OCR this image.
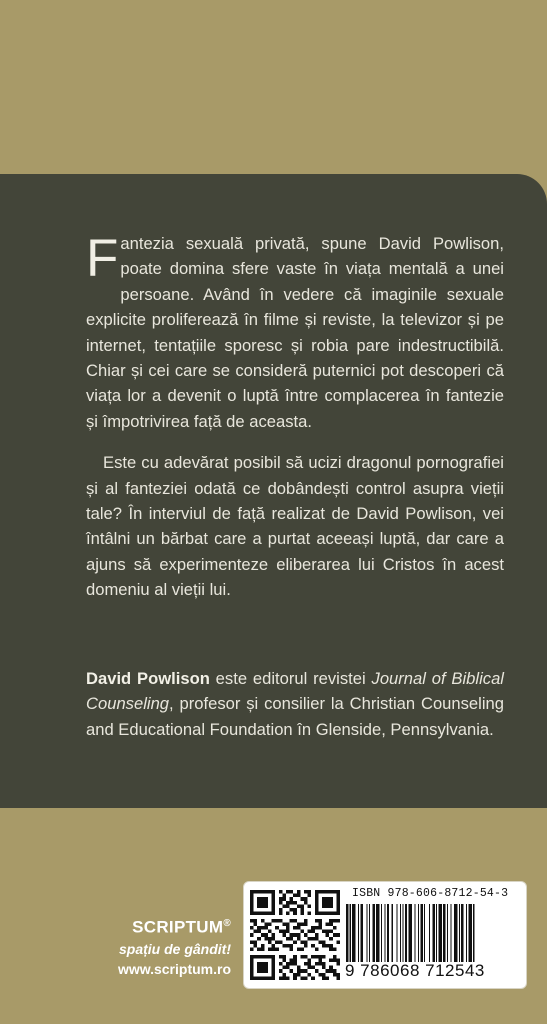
Fantezia sexuală privată, spune David Powlison, poate domina sfere vaste în viața mentală a unei persoane. Având în vedere că imaginile sexuale explicite proliferează în filme și reviste, la televizor și pe internet, tentațiile sporesc și robia pare indestructibilă. Chiar și cei care se consideră puternici pot descoperi că viața lor a devenit o luptă între complacerea în fantezie și împotrivirea față de aceasta.

Este cu adevărat posibil să ucizi dragonul pornografiei și al fanteziei odată ce dobândești control asupra vieții tale? În interviul de față realizat de David Powlison, vei întâlni un bărbat care a purtat aceeași luptă, dar care a ajuns să experimenteze eliberarea lui Cristos în acest domeniu al vieții lui.

David Powlison este editorul revistei Journal of Biblical Counseling, profesor și consilier la Christian Counseling and Educational Foundation în Glenside, Pennsylvania.

SCRIPTUM®
spațiu de gândit!
www.scriptum.ro
ISBN 978-606-8712-54-3
9 786068 712543
